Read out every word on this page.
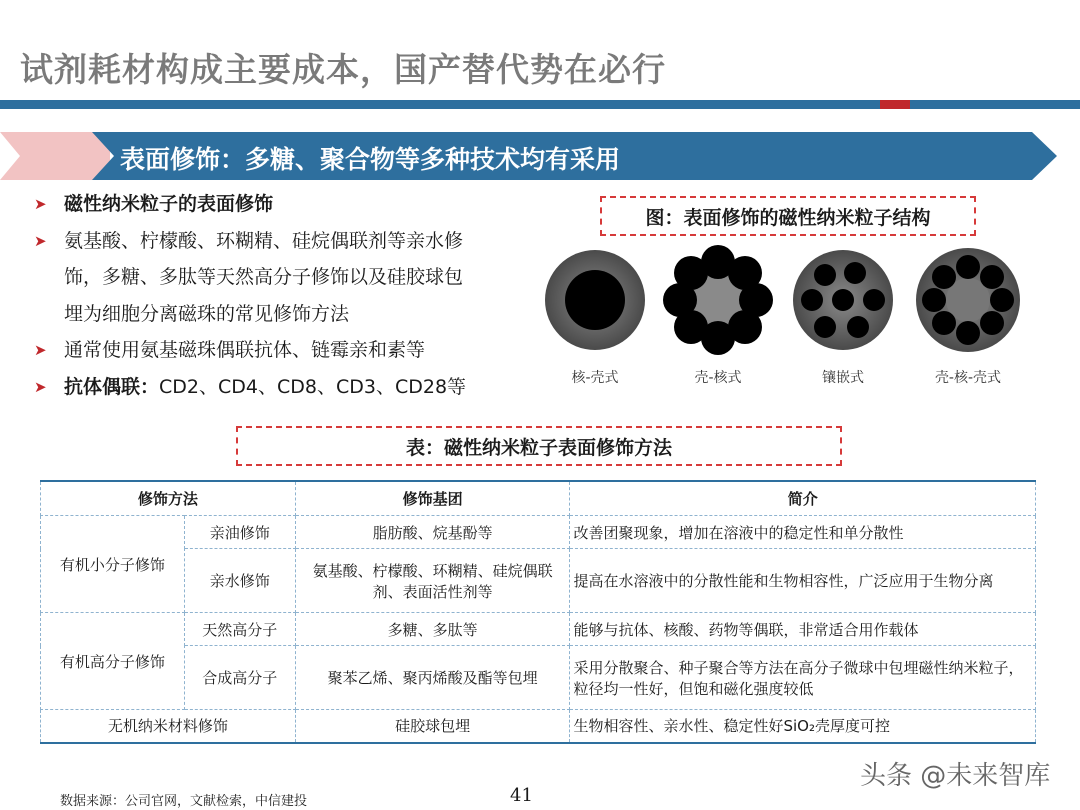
试剂耗材构成主要成本，国产替代势在必行
表面修饰：多糖、聚合物等多种技术均有采用
➤ 磁性纳米粒子的表面修饰
➤ 氨基酸、柠檬酸、环糊精、硅烷偶联剂等亲水修
饰，多糖、多肽等天然高分子修饰以及硅胶球包
埋为细胞分离磁珠的常见修饰方法
➤ 通常使用氨基磁珠偶联抗体、链霉亲和素等
➤ 抗体偶联：CD2、CD4、CD8、CD3、CD28等
图：表面修饰的磁性纳米粒子结构
核-壳式	壳-核式	镶嵌式	壳-核-壳式
表：磁性纳米粒子表面修饰方法
修饰方法		修饰基团	简介
有机小分子修饰	亲油修饰	脂肪酸、烷基酚等	改善团聚现象，增加在溶液中的稳定性和单分散性
	亲水修饰	氨基酸、柠檬酸、环糊精、硅烷偶联剂、表面活性剂等	提高在水溶液中的分散性能和生物相容性，广泛应用于生物分离
有机高分子修饰	天然高分子	多糖、多肽等	能够与抗体、核酸、药物等偶联，非常适合用作载体
	合成高分子	聚苯乙烯、聚丙烯酸及酯等包埋	采用分散聚合、种子聚合等方法在高分子微球中包埋磁性纳米粒子，粒径均一性好，但饱和磁化强度较低
无机纳米材料修饰		硅胶球包埋	生物相容性、亲水性、稳定性好SiO₂壳厚度可控
头条 @未来智库
数据来源：公司官网，文献检索，中信建投	41
